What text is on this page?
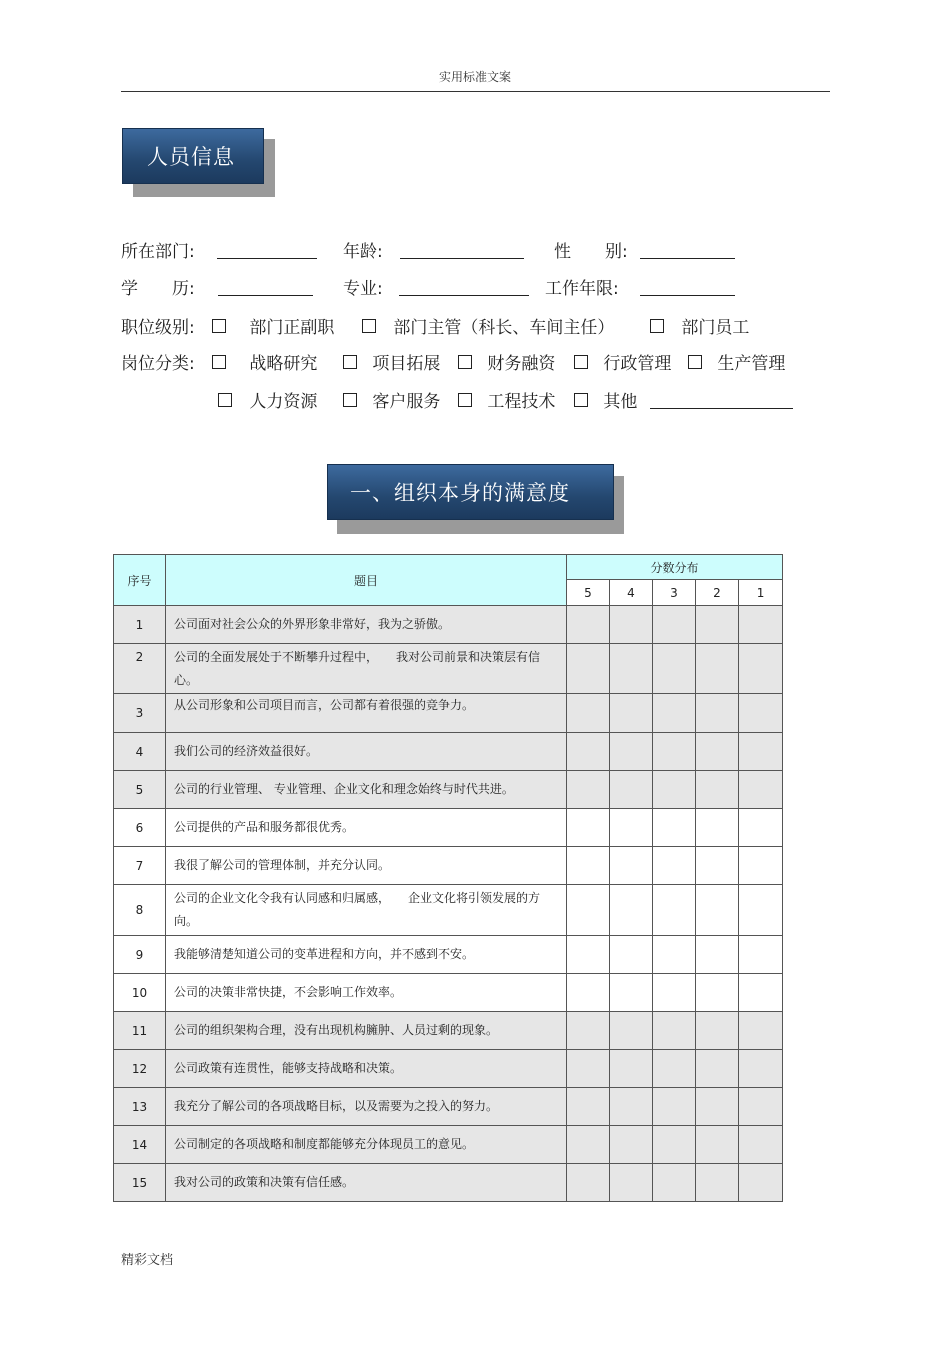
实用标准文案
人员信息
所在部门:	年龄:	性　　别:
学　　历:	专业:	工作年限:
职位级别:	部门正副职	部门主管（科长、车间主任）	部门员工
岗位分类:	战略研究	项目拓展	财务融资	行政管理	生产管理
人力资源	客户服务	工程技术	其他
一、组织本身的满意度
序号	题目	分数分布				
		5	4	3	2	1
1	公司面对社会公众的外界形象非常好，我为之骄傲。					
2	公司的全面发展处于不断攀升过程中，　　我对公司前景和决策层有信心。					
3	从公司形象和公司项目而言，公司都有着很强的竞争力。					
4	我们公司的经济效益很好。					
5	公司的行业管理、 专业管理、企业文化和理念始终与时代共进。					
6	公司提供的产品和服务都很优秀。					
7	我很了解公司的管理体制，并充分认同。					
8	公司的企业文化令我有认同感和归属感，　　企业文化将引领发展的方向。					
9	我能够清楚知道公司的变革进程和方向，并不感到不安。					
10	公司的决策非常快捷，不会影响工作效率。					
11	公司的组织架构合理，没有出现机构臃肿、人员过剩的现象。					
12	公司政策有连贯性，能够支持战略和决策。					
13	我充分了解公司的各项战略目标，以及需要为之投入的努力。					
14	公司制定的各项战略和制度都能够充分体现员工的意见。					
15	我对公司的政策和决策有信任感。					
精彩文档
